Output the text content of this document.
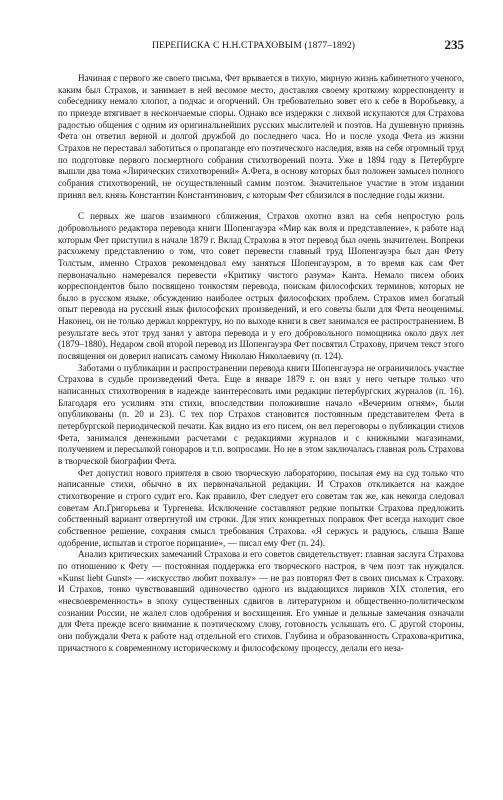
ПЕРЕПИСКА С Н.Н.СТРАХОВЫМ (1877–1892)	235

Начиная с первого же своего письма, Фет врывается в тихую, мирную жизнь кабинетного ученого, каким был Страхов, и занимает в ней весомое место, доставляя своему кроткому корреспонденту и собеседнику немало хлопот, а подчас и огорчений. Он требовательно зовет его к себе в Воробьевку, а по приезде втягивает в нескончаемые споры. Однако все издержки с лихвой искупаются для Страхова радостью общения с одним из оригинальнейших русских мыслителей и поэтов. На душевную приязнь Фета он ответил верной и долгой дружбой до последнего часа. Но и после ухода Фета из жизни Страхов не переставал заботиться о пропаганде его поэтического наследия, взяв на себя огромный труд по подготовке первого посмертного собрания стихотворений поэта. Уже в 1894 году в Петербурге вышли два тома «Лирических стихотворений» А.Фета, в основу которых был положен замысел полного собрания стихотворений, не осуществленный самим поэтом. Значительное участие в этом издании принял вел. князь Константин Константинович, с которым Фет сблизился в последние годы жизни.

С первых же шагов взаимного сближения, Страхов охотно взял на себя непростую роль добровольного редактора перевода книги Шопенгауэра «Мир как воля и представление», к работе над которым Фет приступил в начале 1879 г. Вклад Страхова в этот перевод был очень значителен. Вопреки расхожему представлению о том, что совет перевести главный труд Шопенгауэра был дан Фету Толстым, именно Страхов рекомендовал ему заняться Шопенгауэром, в то время как сам Фет первоначально намеревался перевести «Критику чистого разума» Канта. Немало писем обоих корреспондентов было посвящено тонкостям перевода, поискам философских терминов, которых не было в русском языке, обсуждению наиболее острых философских проблем. Страхов имел богатый опыт перевода на русский язык философских произведений, и его советы были для Фета неоценимы. Наконец, он не только держал корректуру, но по выходе книги в свет занимался ее распространением. В результате весь этот труд занял у автора перевода и у его добровольного помощника около двух лет (1879–1880). Недаром свой второй перевод из Шопенгауэра Фет посвятил Страхову, причем текст этого посвящения он доверил написать самому Николаю Николаевичу (п. 124).

Заботами о публикации и распространении перевода книги Шопенгауэра не ограничилось участие Страхова в судьбе произведений Фета. Еще в январе 1879 г. он взял у него четыре только что написанных стихотворения в надежде заинтересовать ими редакции петербургских журналов (п. 16). Благодаря его усилиям эти стихи, впоследствии положившие начало «Вечерним огням», были опубликованы (п. 20 и 23). С тех пор Страхов становится постоянным представителем Фета в петербургской периодической печати. Как видно из его писем, он вел переговоры о публикации стихов Фета, занимался денежными расчетами с редакциями журналов и с книжными магазинами, получением и пересылкой гонораров и т.п. вопросами. Но не в этом заключалась главная роль Страхова в творческой биографии Фета.

Фет допустил нового приятеля в свою творческую лабораторию, посылая ему на суд только что написанные стихи, обычно в их первоначальной редакции. И Страхов откликается на каждое стихотворение и строго судит его. Как правило, Фет следует его советам так же, как некогда следовал советам Ап.Григорьева и Тургенева. Исключение составляют редкие попытки Страхова предложить собственный вариант отвергнутой им строки. Для этих конкретных поправок Фет всегда находит свое собственное решение, сохраняя смысл требования Страхова. «Я сержусь и радуюсь, слыша Ваше одобрение, испытав и строгое порицание», — писал ему Фет (п. 24).

Анализ критических замечаний Страхова и его советов свидетельствует: главная заслуга Страхова по отношению к Фету — постоянная поддержка его творческого настроя, в чем поэт так нуждался. «Kunst liebt Gunst» — «искусство любит похвалу» — не раз повторял Фет в своих письмах к Страхову. И Страхов, тонко чувствовавший одиночество одного из выдающихся лириков XIX столетия, его «несвоевременность» в эпоху существенных сдвигов в литературном и общественно-политическом сознании России, не жалел слов одобрения и восхищения. Его умные и дельные замечания означали для Фета прежде всего внимание к поэтическому слову, готовность услышать его. С другой стороны, они побуждали Фета к работе над отдельной его стихов. Глубина и образованность Страхова-критика, причастного к современному историческому и философскому процессу, делали его неза-
